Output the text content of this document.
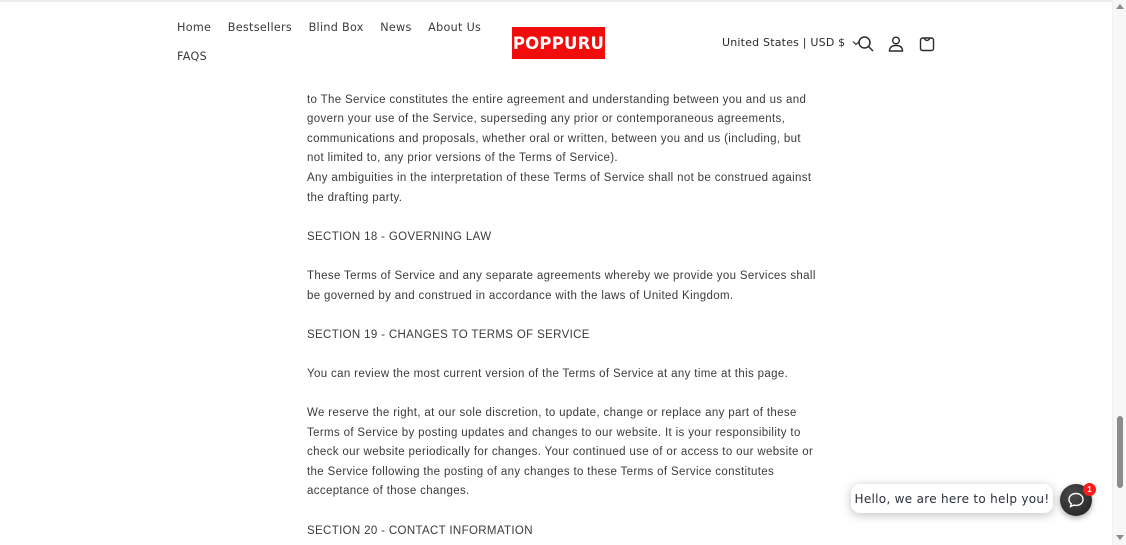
Home Bestsellers Blind Box News About Us
FAQS
POPPURU	United States | USD $

to The Service constitutes the entire agreement and understanding between you and us and govern your use of the Service, superseding any prior or contemporaneous agreements, communications and proposals, whether oral or written, between you and us (including, but not limited to, any prior versions of the Terms of Service).

Any ambiguities in the interpretation of these Terms of Service shall not be construed against the drafting party.

SECTION 18 - GOVERNING LAW

These Terms of Service and any separate agreements whereby we provide you Services shall be governed by and construed in accordance with the laws of United Kingdom.

SECTION 19 - CHANGES TO TERMS OF SERVICE

You can review the most current version of the Terms of Service at any time at this page.

We reserve the right, at our sole discretion, to update, change or replace any part of these Terms of Service by posting updates and changes to our website. It is your responsibility to check our website periodically for changes. Your continued use of or access to our website or the Service following the posting of any changes to these Terms of Service constitutes acceptance of those changes.

SECTION 20 - CONTACT INFORMATION

Hello, we are here to help you!
1
